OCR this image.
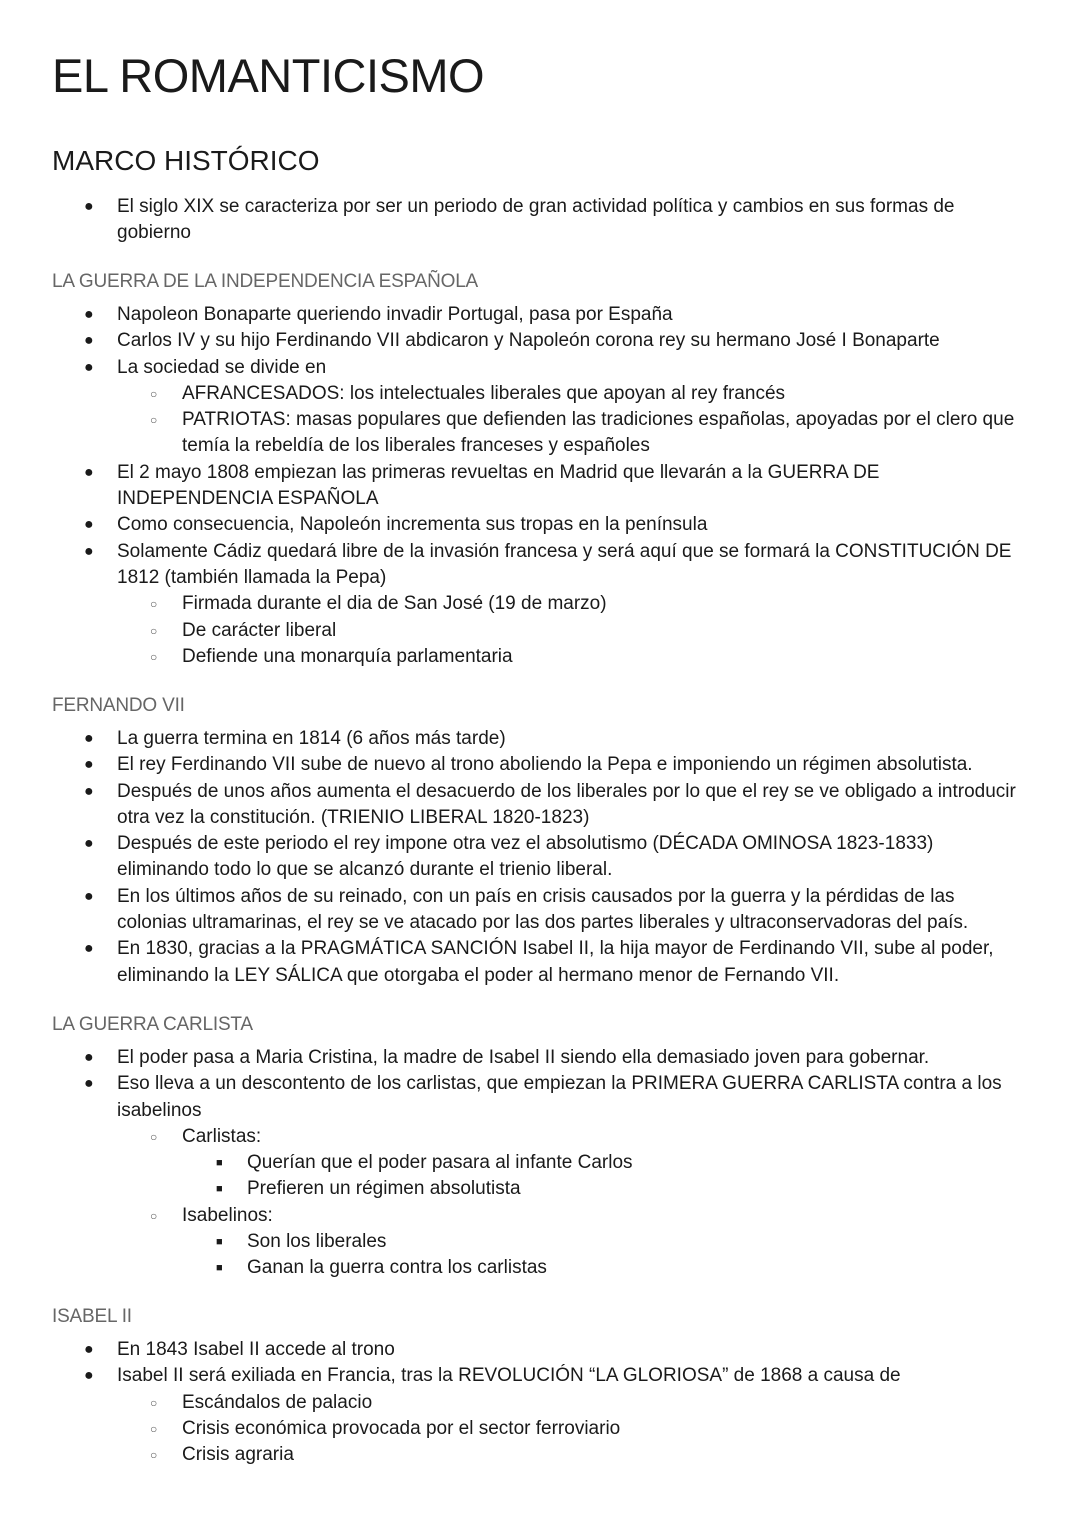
EL ROMANTICISMO
MARCO HISTÓRICO
● El siglo XIX se caracteriza por ser un periodo de gran actividad política y cambios en sus formas de gobierno
LA GUERRA DE LA INDEPENDENCIA ESPAÑOLA
● Napoleon Bonaparte queriendo invadir Portugal, pasa por España
● Carlos IV y su hijo Ferdinando VII abdicaron y Napoleón corona rey su hermano José I Bonaparte
● La sociedad se divide en
○ AFRANCESADOS: los intelectuales liberales que apoyan al rey francés
○ PATRIOTAS: masas populares que defienden las tradiciones españolas, apoyadas por el clero que temía la rebeldía de los liberales franceses y españoles
● El 2 mayo 1808 empiezan las primeras revueltas en Madrid que llevarán a la GUERRA DE INDEPENDENCIA ESPAÑOLA
● Como consecuencia, Napoleón incrementa sus tropas en la península
● Solamente Cádiz quedará libre de la invasión francesa y será aquí que se formará la CONSTITUCIÓN DE 1812 (también llamada la Pepa)
○ Firmada durante el dia de San José (19 de marzo)
○ De carácter liberal
○ Defiende una monarquía parlamentaria
FERNANDO VII
● La guerra termina en 1814 (6 años más tarde)
● El rey Ferdinando VII sube de nuevo al trono aboliendo la Pepa e imponiendo un régimen absolutista.
● Después de unos años aumenta el desacuerdo de los liberales por lo que el rey se ve obligado a introducir otra vez la constitución. (TRIENIO LIBERAL 1820-1823)
● Después de este periodo el rey impone otra vez el absolutismo (DÉCADA OMINOSA 1823-1833) eliminando todo lo que se alcanzó durante el trienio liberal.
● En los últimos años de su reinado, con un país en crisis causados por la guerra y la pérdidas de las colonias ultramarinas, el rey se ve atacado por las dos partes liberales y ultraconservadoras del país.
● En 1830, gracias a la PRAGMÁTICA SANCIÓN Isabel II, la hija mayor de Ferdinando VII, sube al poder, eliminando la LEY SÁLICA que otorgaba el poder al hermano menor de Fernando VII.
LA GUERRA CARLISTA
● El poder pasa a Maria Cristina, la madre de Isabel II siendo ella demasiado joven para gobernar.
● Eso lleva a un descontento de los carlistas, que empiezan la PRIMERA GUERRA CARLISTA contra a los isabelinos
○ Carlistas:
■ Querían que el poder pasara al infante Carlos
■ Prefieren un régimen absolutista
○ Isabelinos:
■ Son los liberales
■ Ganan la guerra contra los carlistas
ISABEL II
● En 1843 Isabel II accede al trono
● Isabel II será exiliada en Francia, tras la REVOLUCIÓN “LA GLORIOSA” de 1868 a causa de
○ Escándalos de palacio
○ Crisis económica provocada por el sector ferroviario
○ Crisis agraria
